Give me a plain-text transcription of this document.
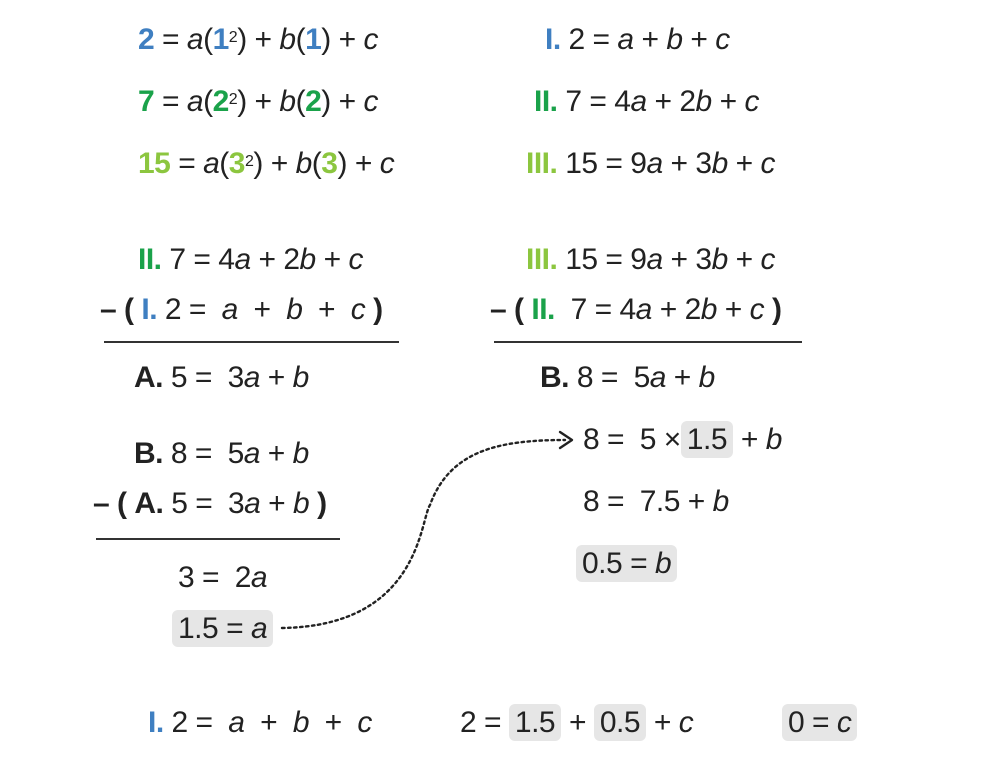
$2 = a(1^2) + b(1) + c$
$7 = a(2^2) + b(2) + c$
$15 = a(3^2) + b(3) + c$
I. 2 = a + b + c
II. 7 = 4a + 2b + c
III. 15 = 9a + 3b + c
II. 7 = 4a + 2b + c
– ( I. 2 = a + b + c )
A. 5 = 3a + b
III. 15 = 9a + 3b + c
– ( II. 7 = 4a + 2b + c )
B. 8 = 5a + b
B. 8 = 5a + b
– ( A. 5 = 3a + b )
3 = 2a
1.5 = a
8 = 5 × 1.5 + b
8 = 7.5 + b
0.5 = b
I. 2 = a + b + c	2 = 1.5 + 0.5 + c	0 = c
